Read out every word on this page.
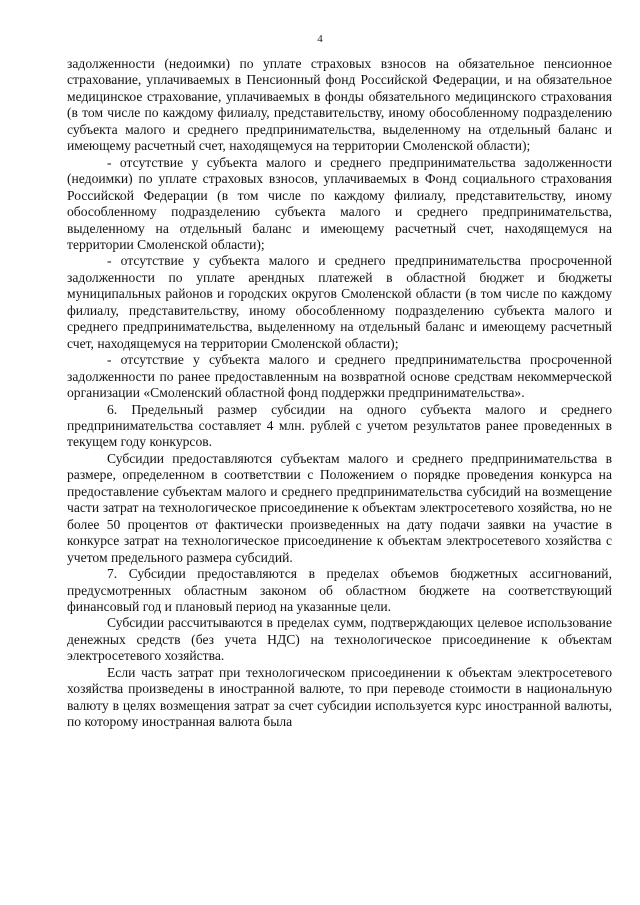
4

задолженности (недоимки) по уплате страховых взносов на обязательное пенсионное страхование, уплачиваемых в Пенсионный фонд Российской Федерации, и на обязательное медицинское страхование, уплачиваемых в фонды обязательного медицинского страхования (в том числе по каждому филиалу, представительству, иному обособленному подразделению субъекта малого и среднего предпринимательства, выделенному на отдельный баланс и имеющему расчетный счет, находящемуся на территории Смоленской области);

- отсутствие у субъекта малого и среднего предпринимательства задолженности (недоимки) по уплате страховых взносов, уплачиваемых в Фонд социального страхования Российской Федерации (в том числе по каждому филиалу, представительству, иному обособленному подразделению субъекта малого и среднего предпринимательства, выделенному на отдельный баланс и имеющему расчетный счет, находящемуся на территории Смоленской области);

- отсутствие у субъекта малого и среднего предпринимательства просроченной задолженности по уплате арендных платежей в областной бюджет и бюджеты муниципальных районов и городских округов Смоленской области (в том числе по каждому филиалу, представительству, иному обособленному подразделению субъекта малого и среднего предпринимательства, выделенному на отдельный баланс и имеющему расчетный счет, находящемуся на территории Смоленской области);

- отсутствие у субъекта малого и среднего предпринимательства просроченной задолженности по ранее предоставленным на возвратной основе средствам некоммерческой организации «Смоленский областной фонд поддержки предпринимательства».

6. Предельный размер субсидии на одного субъекта малого и среднего предпринимательства составляет 4 млн. рублей с учетом результатов ранее проведенных в текущем году конкурсов.

Субсидии предоставляются субъектам малого и среднего предпринимательства в размере, определенном в соответствии с Положением о порядке проведения конкурса на предоставление субъектам малого и среднего предпринимательства субсидий на возмещение части затрат на технологическое присоединение к объектам электросетевого хозяйства, но не более 50 процентов от фактически произведенных на дату подачи заявки на участие в конкурсе затрат на технологическое присоединение к объектам электросетевого хозяйства с учетом предельного размера субсидий.

7. Субсидии предоставляются в пределах объемов бюджетных ассигнований, предусмотренных областным законом об областном бюджете на соответствующий финансовый год и плановый период на указанные цели.

Субсидии рассчитываются в пределах сумм, подтверждающих целевое использование денежных средств (без учета НДС) на технологическое присоединение к объектам электросетевого хозяйства.

Если часть затрат при технологическом присоединении к объектам электросетевого хозяйства произведены в иностранной валюте, то при переводе стоимости в национальную валюту в целях возмещения затрат за счет субсидии используется курс иностранной валюты, по которому иностранная валюта была
